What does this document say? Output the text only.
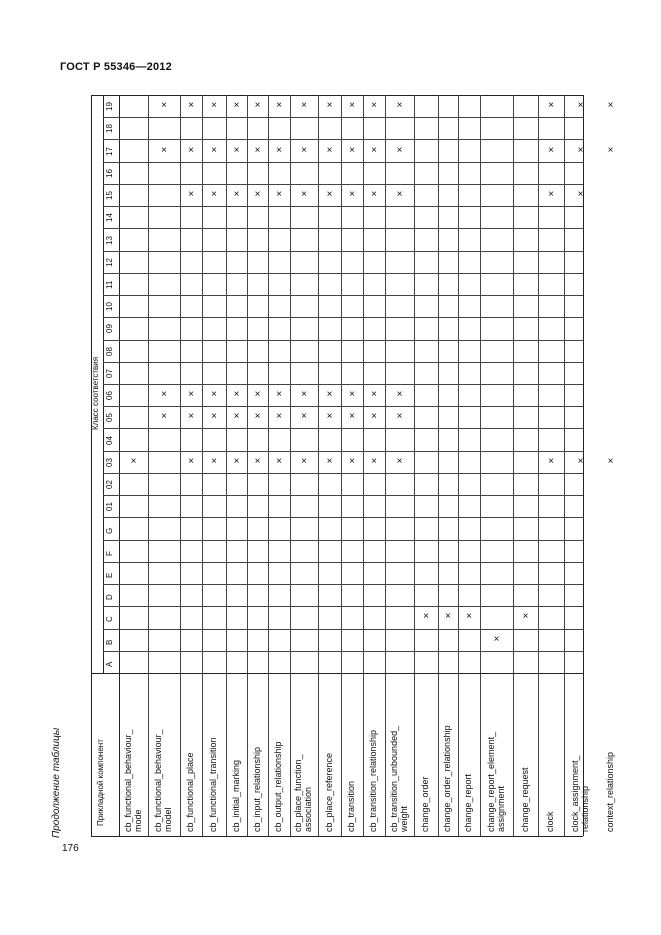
ГОСТ Р 55346—2012
Продолжение таблицы
176
Прикладной компонент
Класс соответствия
A
B
C
D
E
F
G
01
02
03
04
05
06
07
08
09
10
11
12
13
14
15
16
17
18
19
cb_functional_behaviour_
mode
×
cb_functional_behaviour_
model
×
×
×
×
cb_functional_place
×
×
×
×
×
×
cb_functional_transition
×
×
×
×
×
×
cb_initial_marking
×
×
×
×
×
×
cb_input_relationship
×
×
×
×
×
×
cb_output_relationship
×
×
×
×
×
×
cb_place_function_
association
×
×
×
×
×
×
cb_place_reference
×
×
×
×
×
×
cb_transition
×
×
×
×
×
×
cb_transition_relationship
×
×
×
×
×
×
cb_transition_unbounded_
weight
×
×
×
×
×
×
change_order
×
change_order_relationship
×
change_report
×
change_report_element_
assignment
×
change_request
×
clock
×
×
×
×
clock_assignment_
relationship
×
×
×
×
context_relationship
×
×
×
